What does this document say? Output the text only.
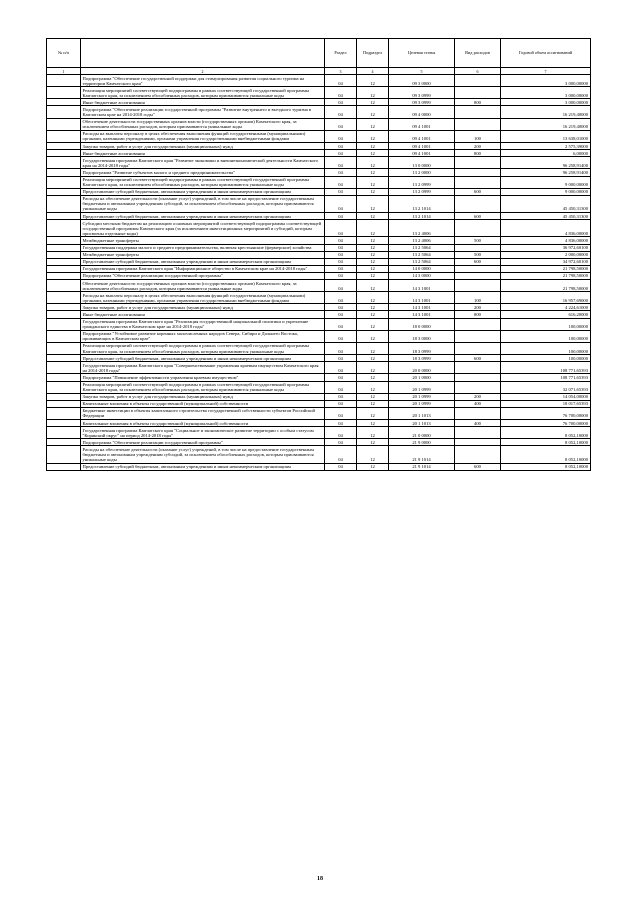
№ п/п		Раздел	Подраздел	Целевая статья	Вид расходов	Годовой объем ассигнований
1	2	3	4	5	6	7
	Подпрограмма "Обеспечение государственной поддержки для стимулирования развития социального туризма на территории Камчатского края"	04	12	09 3 0000		3 000,00000
	Реализация мероприятий соответствующей подпрограммы в рамках соответствующей государственной программы Камчатского края, за исключением обособленных расходов, которым присваиваются уникальные коды	04	12	09 3 0999		3 000,00000
	Иные бюджетные ассигнования	04	12	09 3 0999	800	3 000,00000
	Подпрограмма "Обеспечение реализации государственной программы "Развитие внутреннего и въездного туризма в Камчатском крае на 2014-2018 годы"	04	12	09 4 0000		16 219,40000
	Обеспечение деятельности государственных органов власти (государственных органов) Камчатского края, за исключением обособленных расходов, которым присваиваются уникальные коды	04	12	09 4 1001		16 219,40000
	Расходы на выплаты персоналу в целях обеспечения выполнения функций государственными (муниципальными) органами, казенными учреждениями, органами управления государственными внебюджетными фондами	04	12	09 4 1001	100	13 638,01000
	Закупка товаров, работ и услуг для государственных (муниципальных) нужд	04	12	09 4 1001	200	2 575,39000
	Иные бюджетные ассигнования	04	12	09 4 1001	800	6,00000
	Государственная программа Камчатского края "Развитие экономики и внешнеэкономической деятельности Камчатского края на 2014-2018 годы"	04	12	13 0 0000		96 258,91400
	Подпрограмма "Развитие субъектов малого и среднего предпринимательства"	04	12	13 2 0000		96 258,91400
	Реализация мероприятий соответствующей подпрограммы в рамках соответствующей государственной программы Камчатского края, за исключением обособленных расходов, которым присваиваются уникальные коды	04	12	13 2 0999		9 000,00000
	Предоставление субсидий бюджетным, автономным учреждениям и иным некоммерческим организациям	04	12	13 2 0999	600	9 000,00000
	Расходы на обеспечение деятельности (оказание услуг) учреждений, в том числе на предоставление государственным бюджетным и автономным учреждениям субсидий, за исключением обособленных расходов, которым присваиваются уникальные коды	04	12	13 2 1014		45 450,31300
	Предоставление субсидий бюджетным, автономным учреждениям и иным некоммерческим организациям	04	12	13 2 1014	600	45 450,31300
	Субсидии местным бюджетам на реализацию основных мероприятий соответствующей подпрограммы соответствующей государственной программы Камчатского края (за исключением инвестиционных мероприятий и субсидий, которым присвоены отдельные коды)	04	12	13 2 4006		4 836,00000
	Межбюджетные трансферты	04	12	13 2 4006	500	4 836,00000
	Государственная поддержка малого и среднего предпринимательства, включая крестьянские (фермерские) хозяйства	04	12	13 2 5064		36 972,60100
	Межбюджетные трансферты	04	12	13 2 5064	500	2 000,00000
	Предоставление субсидий бюджетным, автономным учреждениям и иным некоммерческим организациям	04	12	13 2 5064	600	34 972,60100
	Государственная программа Камчатского края "Информационное общество в Камчатском крае на 2014-2018 годы"	04	12	14 0 0000		21 798,50000
	Подпрограмма "Обеспечение реализации государственной программы"	04	12	14 3 0000		21 798,50000
	Обеспечение деятельности государственных органов власти (государственных органов) Камчатского края, за исключением обособленных расходов, которым присваиваются уникальные коды	04	12	14 3 1001		21 798,50000
	Расходы на выплаты персоналу в целях обеспечения выполнения функций государственными (муниципальными) органами, казенными учреждениями, органами управления государственными внебюджетными фондами	04	12	14 3 1001	100	16 957,69000
	Закупка товаров, работ и услуг для государственных (муниципальных) нужд	04	12	14 3 1001	200	4 224,61000
	Иные бюджетные ассигнования	04	12	14 3 1001	800	616,20000
	Государственная программа Камчатского края "Реализация государственной национальной политики и укрепление гражданского единства в Камчатском крае на 2014-2018 годы"	04	12	18 0 0000		100,00000
	Подпрограмма "Устойчивое развитие коренных малочисленных народов Севера, Сибири и Дальнего Востока, проживающих в Камчатском крае"	04	12	18 3 0000		100,00000
	Реализация мероприятий соответствующей подпрограммы в рамках соответствующей государственной программы Камчатского края, за исключением обособленных расходов, которым присваиваются уникальные коды	04	12	18 3 0999		100,00000
	Предоставление субсидий бюджетным, автономным учреждениям и иным некоммерческим организациям	04	12	18 3 0999	600	100,00000
	Государственная программа Камчатского края "Совершенствование управления краевым имуществом Камчатского края на 2014-2018 годы"	04	12	20 0 0000		108 771,65393
	Подпрограмма "Повышение эффективности управления краевым имуществом"	04	12	20 1 0000		108 771,65393
	Реализация мероприятий соответствующей подпрограммы в рамках соответствующей государственной программы Камчатского края, за исключением обособленных расходов, которым присваиваются уникальные коды	04	12	20 1 0999		32 071,65393
	Закупка товаров, работ и услуг для государственных (муниципальных) нужд	04	12	20 1 0999	200	14 054,00000
	Капитальные вложения в объекты государственной (муниципальной) собственности	04	12	20 1 0999	400	18 017,65393
	Бюджетные инвестиции в объекты капитального строительства государственной собственности субъектов Российской Федерации	04	12	20 1 1013		76 700,00000
	Капитальные вложения в объекты государственной (муниципальной) собственности	04	12	20 1 1013	400	76 700,00000
	Государственная программа Камчатского края "Социальное и экономическое развитие территории с особым статусом "Корякский округ" на период 2014-2018 годы"	04	12	21 0 0000		8 052,10000
	Подпрограмма "Обеспечение реализации государственной программы"	04	12	21 9 0000		8 052,10000
	Расходы на обеспечение деятельности (оказание услуг) учреждений, в том числе на предоставление государственным бюджетным и автономным учреждениям субсидий, за исключением обособленных расходов, которым присваиваются уникальные коды	04	12	21 9 1014		8 052,10000
	Предоставление субсидий бюджетным, автономным учреждениям и иным некоммерческим организациям	04	12	21 9 1014	600	8 052,10000
18
